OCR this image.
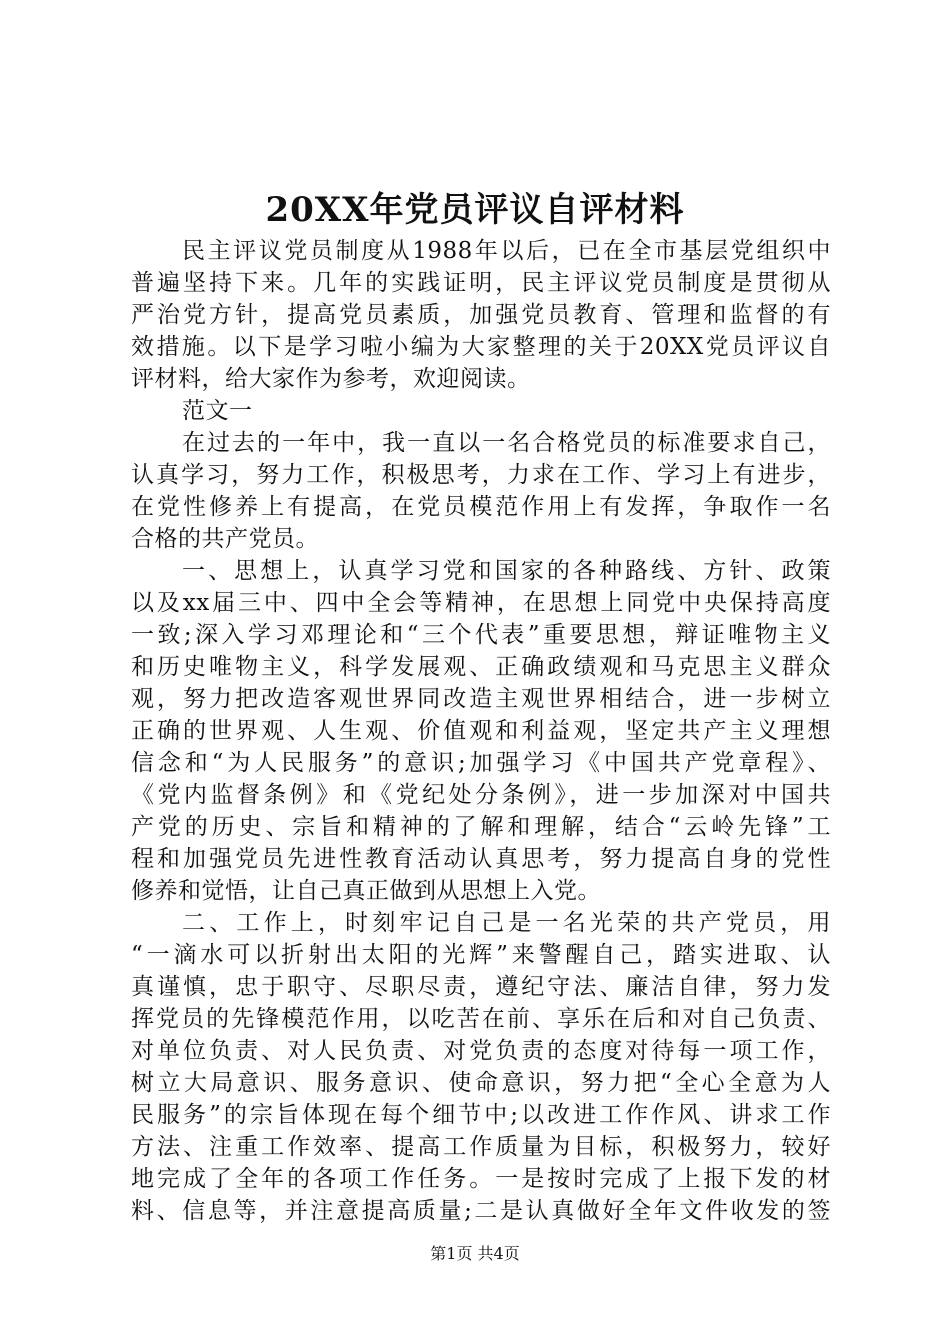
20XX年党员评议自评材料
民主评议党员制度从1988年以后，已在全市基层党组织中
普遍坚持下来。几年的实践证明，民主评议党员制度是贯彻从
严治党方针，提高党员素质，加强党员教育、管理和监督的有
效措施。以下是学习啦小编为大家整理的关于20XX党员评议自
评材料，给大家作为参考，欢迎阅读。
范文一
在过去的一年中，我一直以一名合格党员的标准要求自己，
认真学习，努力工作，积极思考，力求在工作、学习上有进步，
在党性修养上有提高，在党员模范作用上有发挥，争取作一名
合格的共产党员。
一、思想上，认真学习党和国家的各种路线、方针、政策
以及xx届三中、四中全会等精神，在思想上同党中央保持高度
一致;深入学习邓理论和“三个代表”重要思想，辩证唯物主义
和历史唯物主义，科学发展观、正确政绩观和马克思主义群众
观，努力把改造客观世界同改造主观世界相结合，进一步树立
正确的世界观、人生观、价值观和利益观，坚定共产主义理想
信念和“为人民服务”的意识;加强学习《中国共产党章程》、
《党内监督条例》和《党纪处分条例》，进一步加深对中国共
产党的历史、宗旨和精神的了解和理解，结合“云岭先锋”工
程和加强党员先进性教育活动认真思考，努力提高自身的党性
修养和觉悟，让自己真正做到从思想上入党。
二、工作上，时刻牢记自己是一名光荣的共产党员，用
“一滴水可以折射出太阳的光辉”来警醒自己，踏实进取、认
真谨慎，忠于职守、尽职尽责，遵纪守法、廉洁自律，努力发
挥党员的先锋模范作用，以吃苦在前、享乐在后和对自己负责、
对单位负责、对人民负责、对党负责的态度对待每一项工作，
树立大局意识、服务意识、使命意识，努力把“全心全意为人
民服务”的宗旨体现在每个细节中;以改进工作作风、讲求工作
方法、注重工作效率、提高工作质量为目标，积极努力，较好
地完成了全年的各项工作任务。一是按时完成了上报下发的材
料、信息等，并注意提高质量;二是认真做好全年文件收发的签
第1页 共4页
